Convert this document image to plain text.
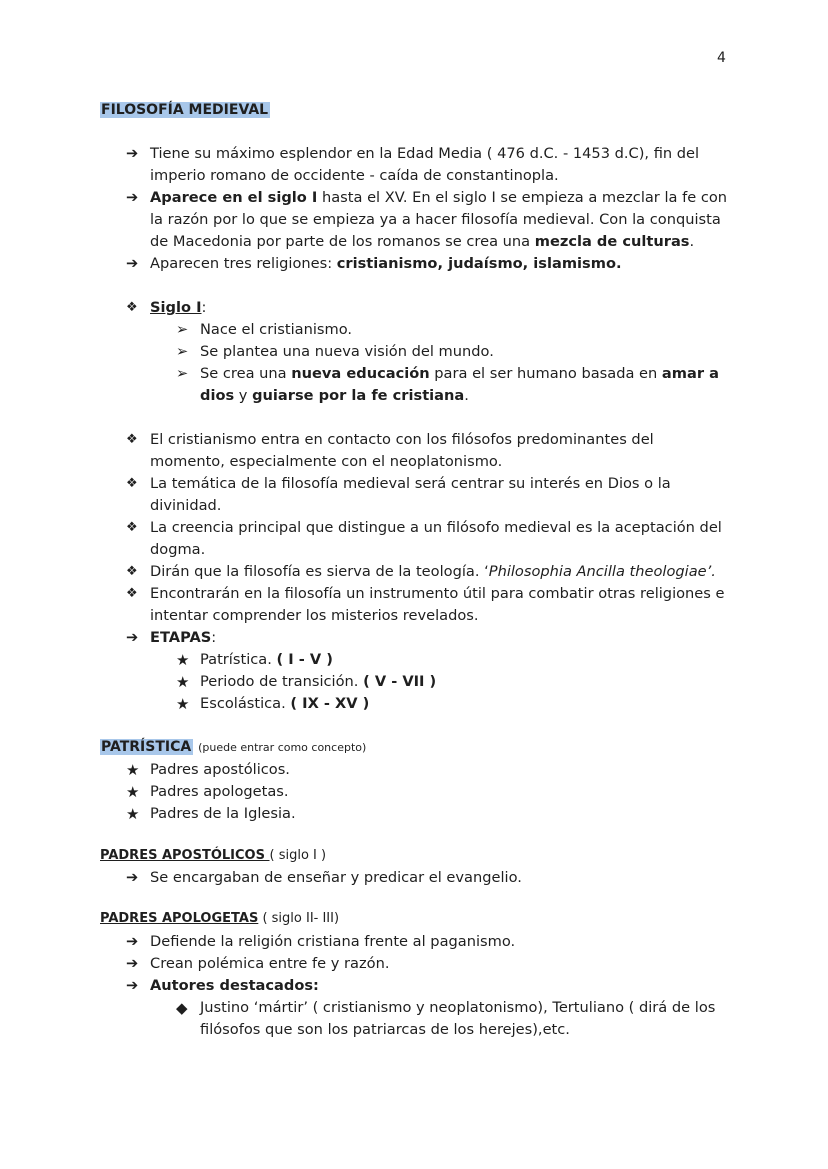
4
FILOSOFÍA MEDIEVAL
➔ Tiene su máximo esplendor en la Edad Media ( 476 d.C. - 1453 d.C), fin del imperio romano de occidente - caída de constantinopla.
➔ Aparece en el siglo I hasta el XV. En el siglo I se empieza a mezclar la fe con la razón por lo que se empieza ya a hacer filosofía medieval. Con la conquista de Macedonia por parte de los romanos se crea una mezcla de culturas.
➔ Aparecen tres religiones: cristianismo, judaísmo, islamismo.
❖ Siglo I:
➢ Nace el cristianismo.
➢ Se plantea una nueva visión del mundo.
➢ Se crea una nueva educación para el ser humano basada en amar a dios y guiarse por la fe cristiana.
❖ El cristianismo entra en contacto con los filósofos predominantes del momento, especialmente con el neoplatonismo.
❖ La temática de la filosofía medieval será centrar su interés en Dios o la divinidad.
❖ La creencia principal que distingue a un filósofo medieval es la aceptación del dogma.
❖ Dirán que la filosofía es sierva de la teología. ‘Philosophia Ancilla theologiae’.
❖ Encontrarán en la filosofía un instrumento útil para combatir otras religiones e intentar comprender los misterios revelados.
➔ ETAPAS:
★ Patrística. ( I - V )
★ Periodo de transición. ( V - VII )
★ Escolástica. ( IX - XV )
PATRÍSTICA (puede entrar como concepto)
★ Padres apostólicos.
★ Padres apologetas.
★ Padres de la Iglesia.
PADRES APOSTÓLICOS ( siglo I )
➔ Se encargaban de enseñar y predicar el evangelio.
PADRES APOLOGETAS ( siglo II- III)
➔ Defiende la religión cristiana frente al paganismo.
➔ Crean polémica entre fe y razón.
➔ Autores destacados:
◆ Justino ‘mártir’ ( cristianismo y neoplatonismo), Tertuliano ( dirá de los filósofos que son los patriarcas de los herejes),etc.
